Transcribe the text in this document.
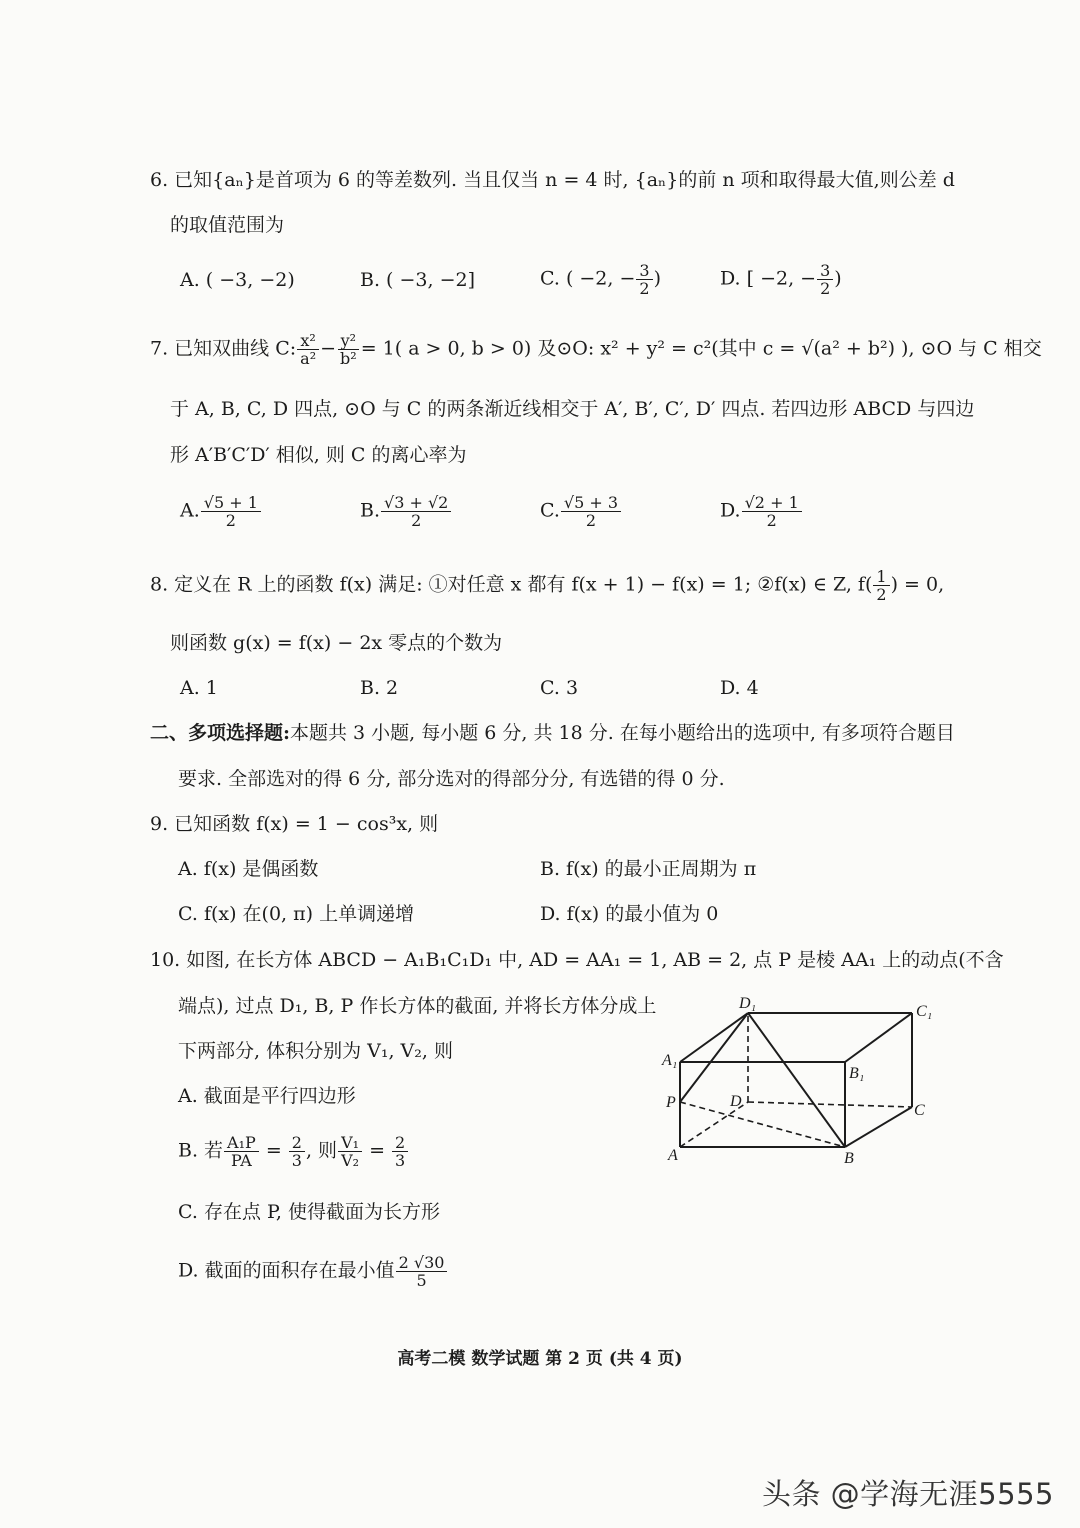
6. 已知{aₙ}是首项为 6 的等差数列. 当且仅当 n = 4 时, {aₙ}的前 n 项和取得最大值,则公差 d
的取值范围为
A. ( −3, −2)	B. ( −3, −2]	C. ( −2, − $\frac{3}{2}$ )	D. [ −2, − $\frac{3}{2}$ )
7. 已知双曲线 C: $\frac{\text{x²}}{\text{a²}} - \frac{\text{y²}}{\text{b²}} = 1$( a > 0, b > 0) 及⊙O: x² + y² = c²(其中 c = √(a² + b²) ), ⊙O 与 C 相交
于 A, B, C, D 四点, ⊙O 与 C 的两条渐近线相交于 A′, B′, C′, D′ 四点. 若四边形 ABCD 与四边
形 A′B′C′D′ 相似, 则 C 的离心率为
A. $\frac{√5 + 1}{2}$	B. $\frac{√3 + √2}{2}$	C. $\frac{√5 + 3}{2}$	D. $\frac{√2 + 1}{2}$
8. 定义在 R 上的函数 f(x) 满足: ①对任意 x 都有 f(x + 1) − f(x) = 1; ②f(x) ∈ Z, $f( \frac{1}{2}$ ) = 0,
则函数 g(x) = f(x) − 2x 零点的个数为
A. 1	B. 2	C. 3	D. 4
二、多项选择题:本题共 3 小题, 每小题 6 分, 共 18 分. 在每小题给出的选项中, 有多项符合题目
要求. 全部选对的得 6 分, 部分选对的得部分分, 有选错的得 0 分.
9. 已知函数 f(x) = 1 − cos³x, 则
A. f(x) 是偶函数	B. f(x) 的最小正周期为 π
C. f(x) 在(0, π) 上单调递增	D. f(x) 的最小值为 0
10. 如图, 在长方体 ABCD − A₁B₁C₁D₁ 中, AD = AA₁ = 1, AB = 2, 点 P 是棱 AA₁ 上的动点(不含
端点), 过点 D₁, B, P 作长方体的截面, 并将长方体分成上
下两部分, 体积分别为 V₁, V₂, 则
A. 截面是平行四边形
B. 若 $\frac{\text{A₁P}}{PA} = \frac{2}{3}$ , 则 $\frac{\text{V₁}}{\text{V₂}} = \frac{2}{3}$
C. 存在点 P, 使得截面为长方形
D. 截面的面积存在最小值 $\frac{2 √30}{5}$
D₁	C₁
A₁
B₁
P	D
C
A	B
高考二模 数学试题 第 2 页 (共 4 页)
头条 @学海无涯5555
